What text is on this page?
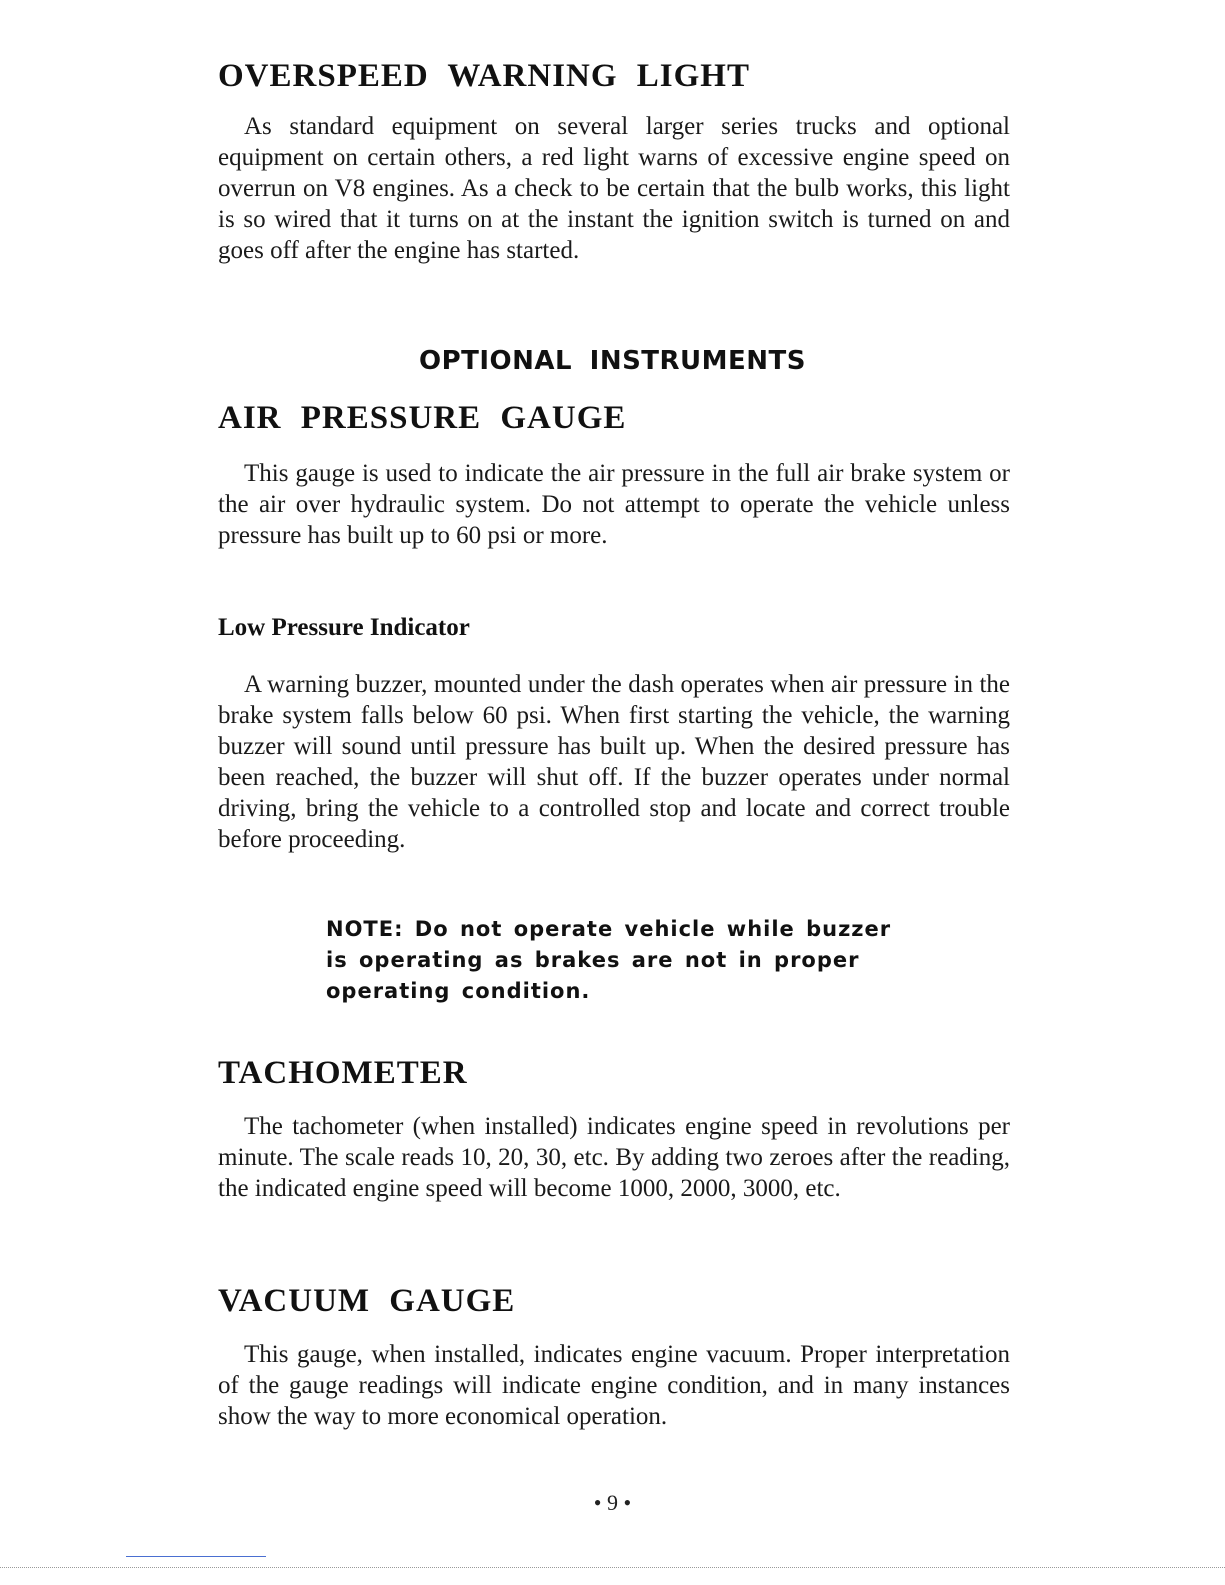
OVERSPEED WARNING LIGHT

As standard equipment on several larger series trucks and optional equipment on certain others, a red light warns of excessive engine speed on overrun on V8 engines. As a check to be certain that the bulb works, this light is so wired that it turns on at the instant the ignition switch is turned on and goes off after the engine has started.

OPTIONAL INSTRUMENTS
AIR PRESSURE GAUGE

This gauge is used to indicate the air pressure in the full air brake system or the air over hydraulic system. Do not attempt to operate the vehicle unless pressure has built up to 60 psi or more.

Low Pressure Indicator

A warning buzzer, mounted under the dash operates when air pressure in the brake system falls below 60 psi. When first starting the vehicle, the warning buzzer will sound until pressure has built up. When the desired pressure has been reached, the buzzer will shut off. If the buzzer operates under normal driving, bring the vehicle to a controlled stop and locate and correct trouble before proceeding.

NOTE: Do not operate vehicle while buzzer is operating as brakes are not in proper operating condition.

TACHOMETER

The tachometer (when installed) indicates engine speed in revolutions per minute. The scale reads 10, 20, 30, etc. By adding two zeroes after the reading, the indicated engine speed will become 1000, 2000, 3000, etc.

VACUUM GAUGE

This gauge, when installed, indicates engine vacuum. Proper interpretation of the gauge readings will indicate engine condition, and in many instances show the way to more economical operation.

• 9 •
